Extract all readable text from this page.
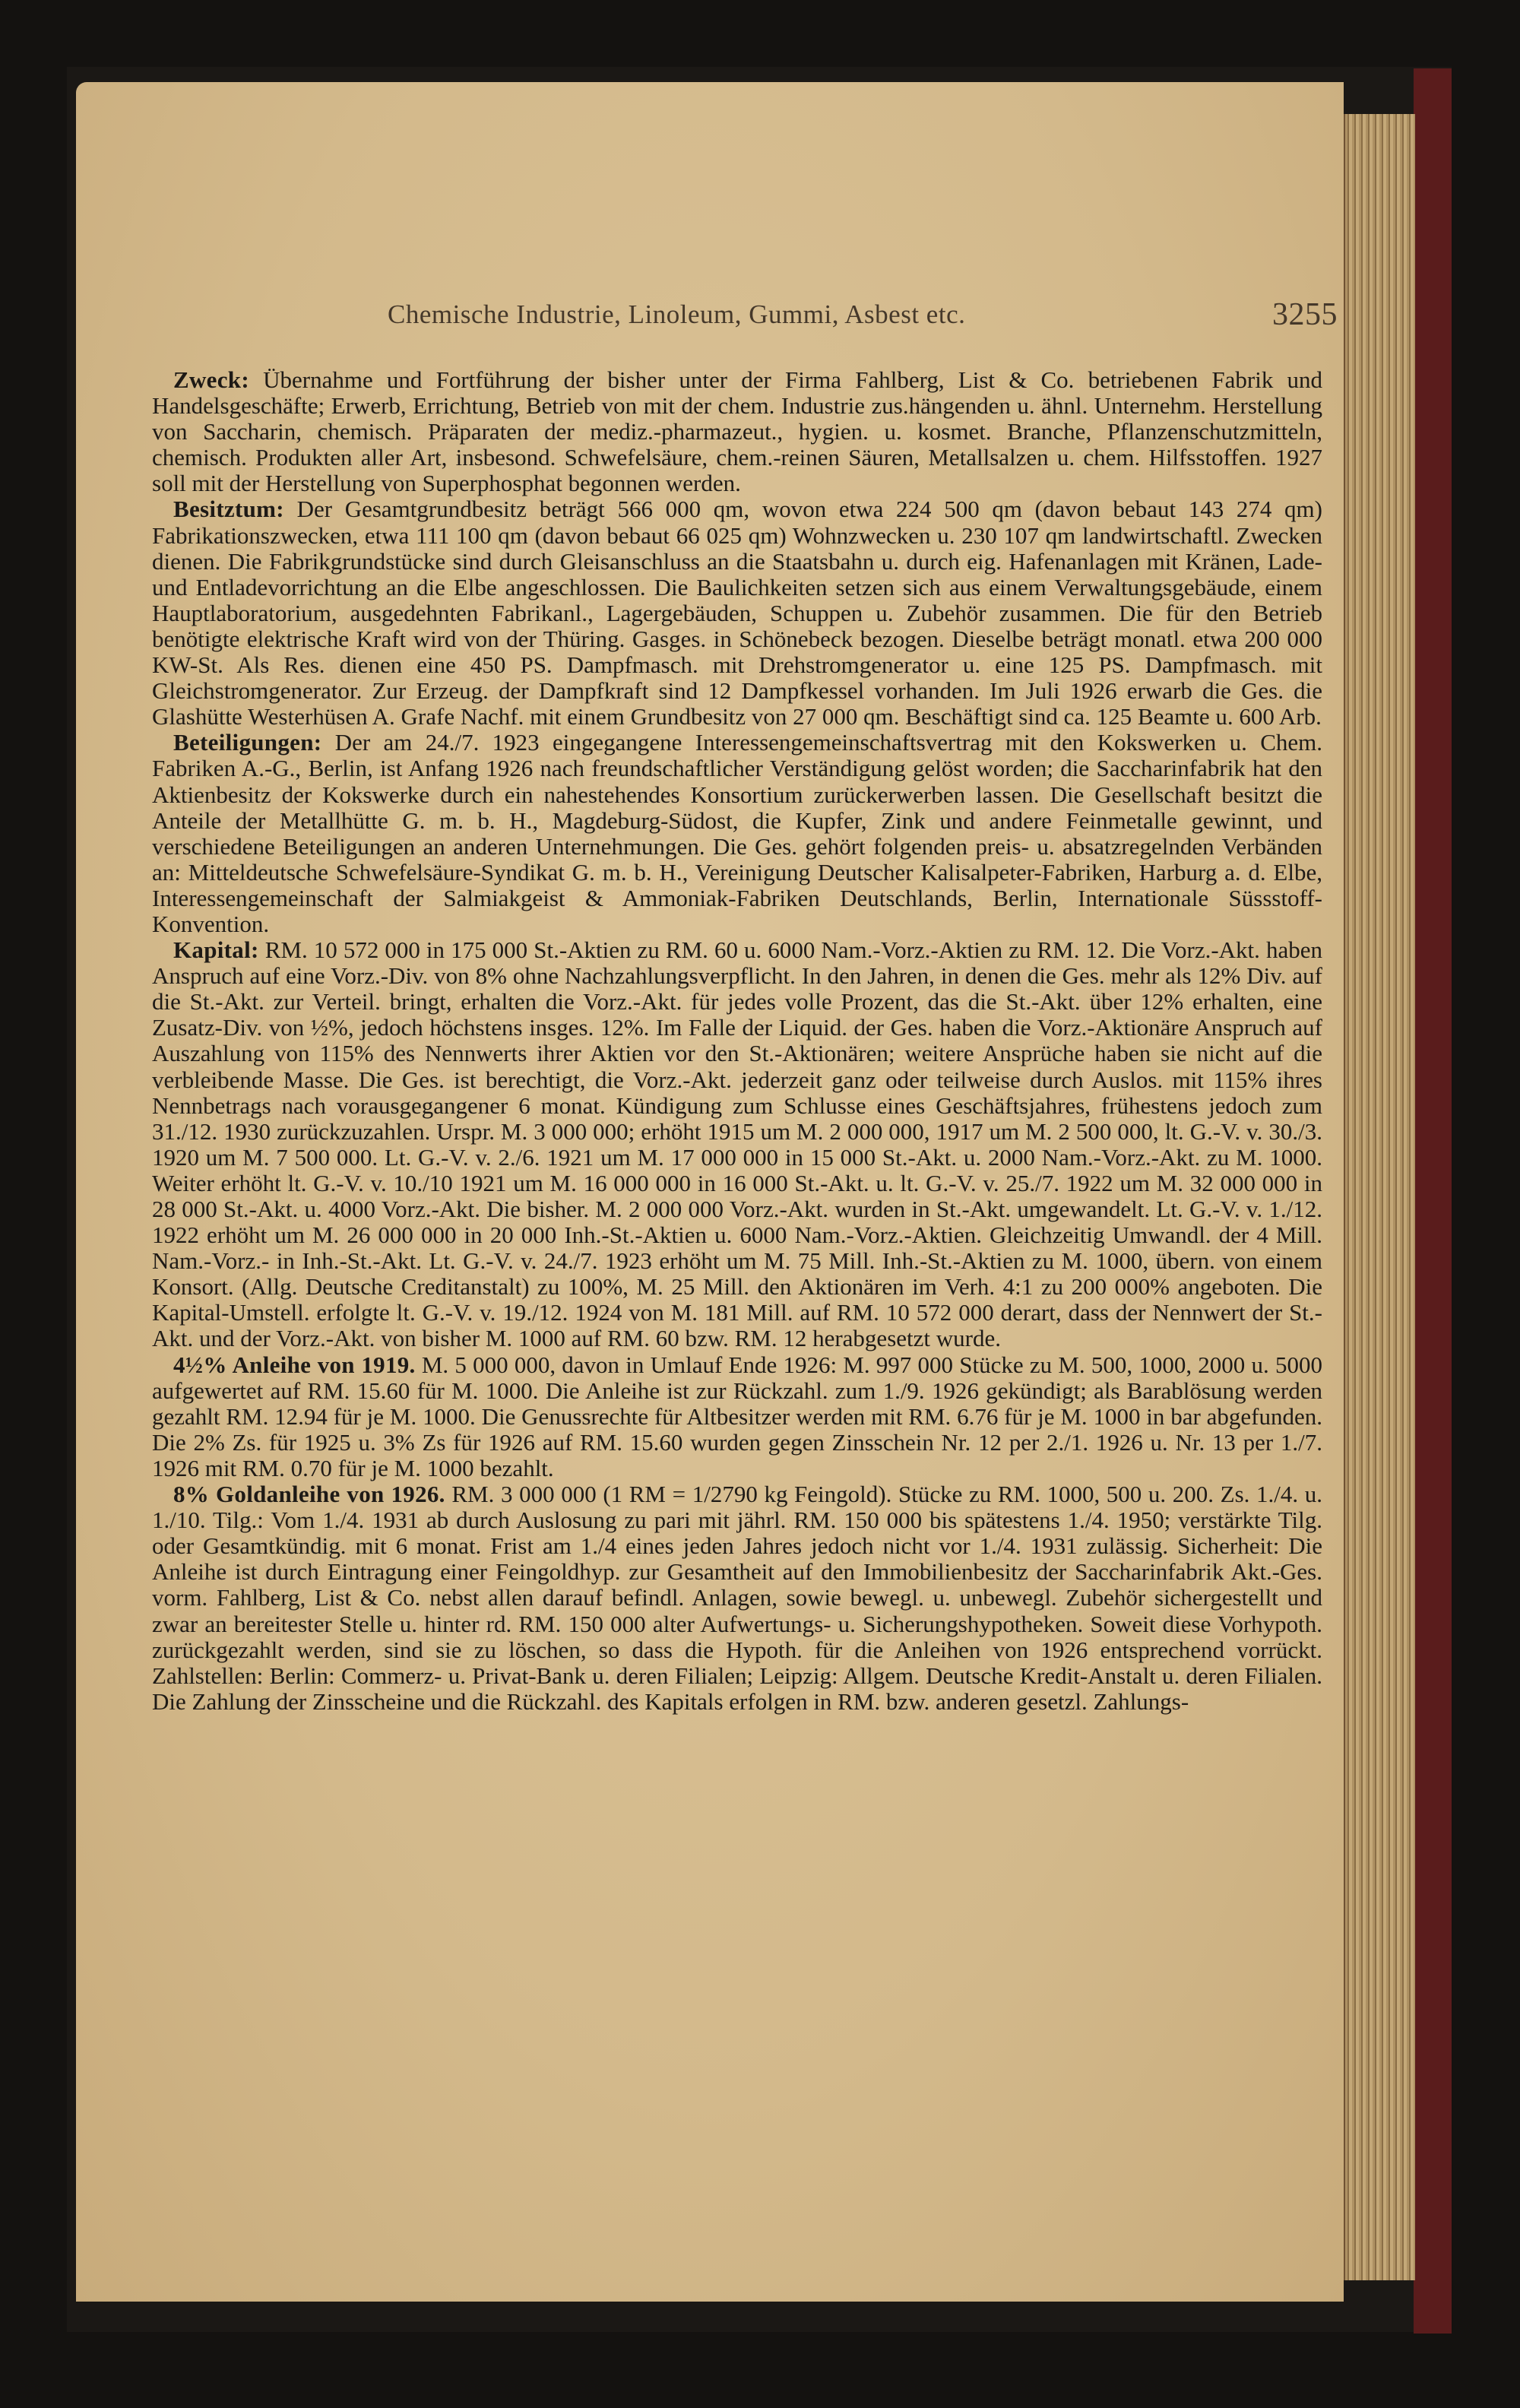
Chemische Industrie, Linoleum, Gummi, Asbest etc.	3255

Zweck: Übernahme und Fortführung der bisher unter der Firma Fahlberg, List & Co. betriebenen Fabrik und Handelsgeschäfte; Erwerb, Errichtung, Betrieb von mit der chem. Industrie zus.hängenden u. ähnl. Unternehm. Herstellung von Saccharin, chemisch. Präparaten der mediz.-pharmazeut., hygien. u. kosmet. Branche, Pflanzenschutzmitteln, chemisch. Produkten aller Art, insbesond. Schwefelsäure, chem.-reinen Säuren, Metallsalzen u. chem. Hilfsstoffen. 1927 soll mit der Herstellung von Superphosphat begonnen werden.

Besitztum: Der Gesamtgrundbesitz beträgt 566 000 qm, wovon etwa 224 500 qm (davon bebaut 143 274 qm) Fabrikationszwecken, etwa 111 100 qm (davon bebaut 66 025 qm) Wohnzwecken u. 230 107 qm landwirtschaftl. Zwecken dienen. Die Fabrikgrundstücke sind durch Gleisanschluss an die Staatsbahn u. durch eig. Hafenanlagen mit Kränen, Lade- und Entladevorrichtung an die Elbe angeschlossen. Die Baulichkeiten setzen sich aus einem Verwaltungsgebäude, einem Hauptlaboratorium, ausgedehnten Fabrikanl., Lagergebäuden, Schuppen u. Zubehör zusammen. Die für den Betrieb benötigte elektrische Kraft wird von der Thüring. Gasges. in Schönebeck bezogen. Dieselbe beträgt monatl. etwa 200 000 KW-St. Als Res. dienen eine 450 PS. Dampfmasch. mit Drehstromgenerator u. eine 125 PS. Dampfmasch. mit Gleichstromgenerator. Zur Erzeug. der Dampfkraft sind 12 Dampfkessel vorhanden. Im Juli 1926 erwarb die Ges. die Glashütte Westerhüsen A. Grafe Nachf. mit einem Grundbesitz von 27 000 qm. Beschäftigt sind ca. 125 Beamte u. 600 Arb.

Beteiligungen: Der am 24./7. 1923 eingegangene Interessengemeinschaftsvertrag mit den Kokswerken u. Chem. Fabriken A.-G., Berlin, ist Anfang 1926 nach freundschaftlicher Verständigung gelöst worden; die Saccharinfabrik hat den Aktienbesitz der Kokswerke durch ein nahestehendes Konsortium zurückerwerben lassen. Die Gesellschaft besitzt die Anteile der Metallhütte G. m. b. H., Magdeburg-Südost, die Kupfer, Zink und andere Feinmetalle gewinnt, und verschiedene Beteiligungen an anderen Unternehmungen. Die Ges. gehört folgenden preis- u. absatzregelnden Verbänden an: Mitteldeutsche Schwefelsäure-Syndikat G. m. b. H., Vereinigung Deutscher Kalisalpeter-Fabriken, Harburg a. d. Elbe, Interessengemeinschaft der Salmiakgeist & Ammoniak-Fabriken Deutschlands, Berlin, Internationale Süssstoff-Konvention.

Kapital: RM. 10 572 000 in 175 000 St.-Aktien zu RM. 60 u. 6000 Nam.-Vorz.-Aktien zu RM. 12. Die Vorz.-Akt. haben Anspruch auf eine Vorz.-Div. von 8% ohne Nachzahlungsverpflicht. In den Jahren, in denen die Ges. mehr als 12% Div. auf die St.-Akt. zur Verteil. bringt, erhalten die Vorz.-Akt. für jedes volle Prozent, das die St.-Akt. über 12% erhalten, eine Zusatz-Div. von ½%, jedoch höchstens insges. 12%. Im Falle der Liquid. der Ges. haben die Vorz.-Aktionäre Anspruch auf Auszahlung von 115% des Nennwerts ihrer Aktien vor den St.-Aktionären; weitere Ansprüche haben sie nicht auf die verbleibende Masse. Die Ges. ist berechtigt, die Vorz.-Akt. jederzeit ganz oder teilweise durch Auslos. mit 115% ihres Nennbetrags nach vorausgegangener 6 monat. Kündigung zum Schlusse eines Geschäftsjahres, frühestens jedoch zum 31./12. 1930 zurückzuzahlen. Urspr. M. 3 000 000; erhöht 1915 um M. 2 000 000, 1917 um M. 2 500 000, lt. G.-V. v. 30./3. 1920 um M. 7 500 000. Lt. G.-V. v. 2./6. 1921 um M. 17 000 000 in 15 000 St.-Akt. u. 2000 Nam.-Vorz.-Akt. zu M. 1000. Weiter erhöht lt. G.-V. v. 10./10 1921 um M. 16 000 000 in 16 000 St.-Akt. u. lt. G.-V. v. 25./7. 1922 um M. 32 000 000 in 28 000 St.-Akt. u. 4000 Vorz.-Akt. Die bisher. M. 2 000 000 Vorz.-Akt. wurden in St.-Akt. umgewandelt. Lt. G.-V. v. 1./12. 1922 erhöht um M. 26 000 000 in 20 000 Inh.-St.-Aktien u. 6000 Nam.-Vorz.-Aktien. Gleichzeitig Umwandl. der 4 Mill. Nam.-Vorz.- in Inh.-St.-Akt. Lt. G.-V. v. 24./7. 1923 erhöht um M. 75 Mill. Inh.-St.-Aktien zu M. 1000, übern. von einem Konsort. (Allg. Deutsche Creditanstalt) zu 100%, M. 25 Mill. den Aktionären im Verh. 4:1 zu 200 000% angeboten. Die Kapital-Umstell. erfolgte lt. G.-V. v. 19./12. 1924 von M. 181 Mill. auf RM. 10 572 000 derart, dass der Nennwert der St.-Akt. und der Vorz.-Akt. von bisher M. 1000 auf RM. 60 bzw. RM. 12 herabgesetzt wurde.

4½% Anleihe von 1919. M. 5 000 000, davon in Umlauf Ende 1926: M. 997 000 Stücke zu M. 500, 1000, 2000 u. 5000 aufgewertet auf RM. 15.60 für M. 1000. Die Anleihe ist zur Rückzahl. zum 1./9. 1926 gekündigt; als Barablösung werden gezahlt RM. 12.94 für je M. 1000. Die Genussrechte für Altbesitzer werden mit RM. 6.76 für je M. 1000 in bar abgefunden. Die 2% Zs. für 1925 u. 3% Zs für 1926 auf RM. 15.60 wurden gegen Zinsschein Nr. 12 per 2./1. 1926 u. Nr. 13 per 1./7. 1926 mit RM. 0.70 für je M. 1000 bezahlt.

8% Goldanleihe von 1926. RM. 3 000 000 (1 RM = 1/2790 kg Feingold). Stücke zu RM. 1000, 500 u. 200. Zs. 1./4. u. 1./10. Tilg.: Vom 1./4. 1931 ab durch Auslosung zu pari mit jährl. RM. 150 000 bis spätestens 1./4. 1950; verstärkte Tilg. oder Gesamtkündig. mit 6 monat. Frist am 1./4 eines jeden Jahres jedoch nicht vor 1./4. 1931 zulässig. Sicherheit: Die Anleihe ist durch Eintragung einer Feingoldhyp. zur Gesamtheit auf den Immobilienbesitz der Saccharinfabrik Akt.-Ges. vorm. Fahlberg, List & Co. nebst allen darauf befindl. Anlagen, sowie bewegl. u. unbewegl. Zubehör sichergestellt und zwar an bereitester Stelle u. hinter rd. RM. 150 000 alter Aufwertungs- u. Sicherungshypotheken. Soweit diese Vorhypoth. zurückgezahlt werden, sind sie zu löschen, so dass die Hypoth. für die Anleihen von 1926 entsprechend vorrückt. Zahlstellen: Berlin: Commerz- u. Privat-Bank u. deren Filialen; Leipzig: Allgem. Deutsche Kredit-Anstalt u. deren Filialen. Die Zahlung der Zinsscheine und die Rückzahl. des Kapitals erfolgen in RM. bzw. anderen gesetzl. Zahlungs-
